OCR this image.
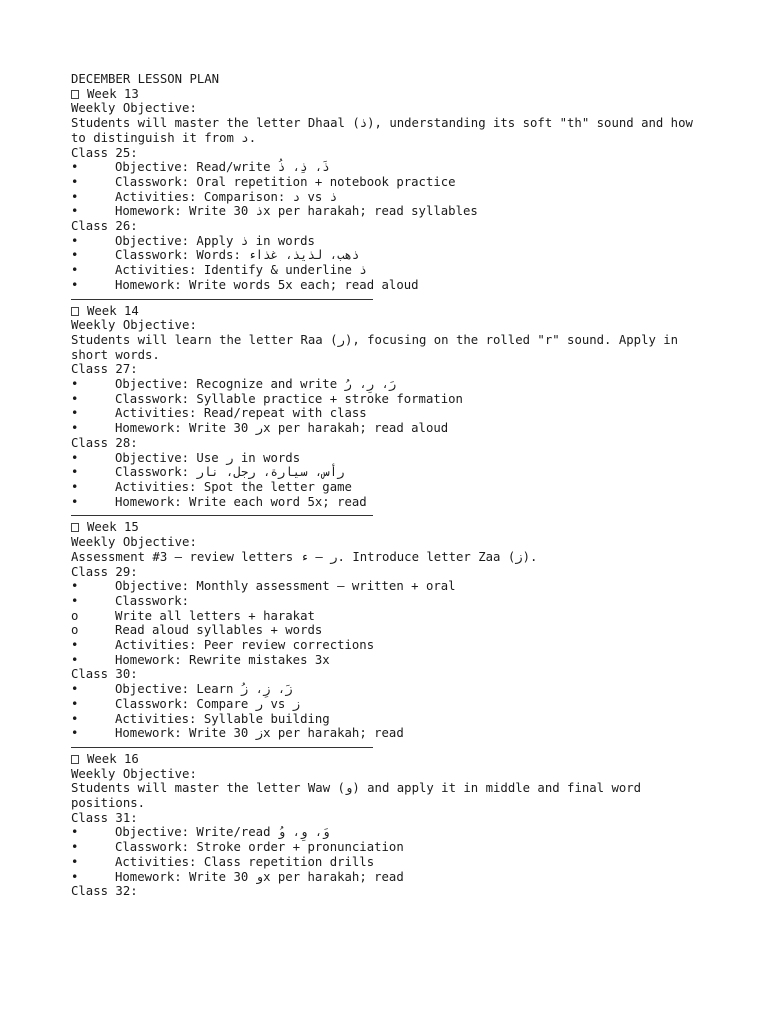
DECEMBER LESSON PLAN

Week 13
Weekly Objective:
Students will master the letter Dhaal (ذ), understanding its soft "th" sound and how to distinguish it from د.
Class 25:
•	Objective: Read/write ذَ، ذِ، ذُ
•	Classwork: Oral repetition + notebook practice
•	Activities: Comparison: د vs ذ
•	Homework: Write 30 ذx per harakah; read syllables
Class 26:
•	Objective: Apply ذ in words
•	Classwork: Words: ذهب، لذيذ، غذاء
•	Activities: Identify & underline ذ
•	Homework: Write words 5x each; read aloud
Week 14
Weekly Objective:
Students will learn the letter Raa (ر), focusing on the rolled "r" sound. Apply in short words.
Class 27:
•	Objective: Recognize and write رَ، رِ، رُ
•	Classwork: Syllable practice + stroke formation
•	Activities: Read/repeat with class
•	Homework: Write 30 رx per harakah; read aloud
Class 28:
•	Objective: Use ر in words
•	Classwork: رأس، سيارة، رجل، نار
•	Activities: Spot the letter game
•	Homework: Write each word 5x; read
Week 15
Weekly Objective:
Assessment #3 — review letters ر – ء. Introduce letter Zaa (ز).
Class 29:
•	Objective: Monthly assessment — written + oral
•	Classwork:
o	Write all letters + harakat
o	Read aloud syllables + words
•	Activities: Peer review corrections
•	Homework: Rewrite mistakes 3x
Class 30:
•	Objective: Learn زَ، زِ، زُ
•	Classwork: Compare ر vs ز
•	Activities: Syllable building
•	Homework: Write 30 زx per harakah; read
Week 16
Weekly Objective:
Students will master the letter Waw (و) and apply it in middle and final word positions.
Class 31:
•	Objective: Write/read وَ، وِ، وُ
•	Classwork: Stroke order + pronunciation
•	Activities: Class repetition drills
•	Homework: Write 30 وx per harakah; read
Class 32:
